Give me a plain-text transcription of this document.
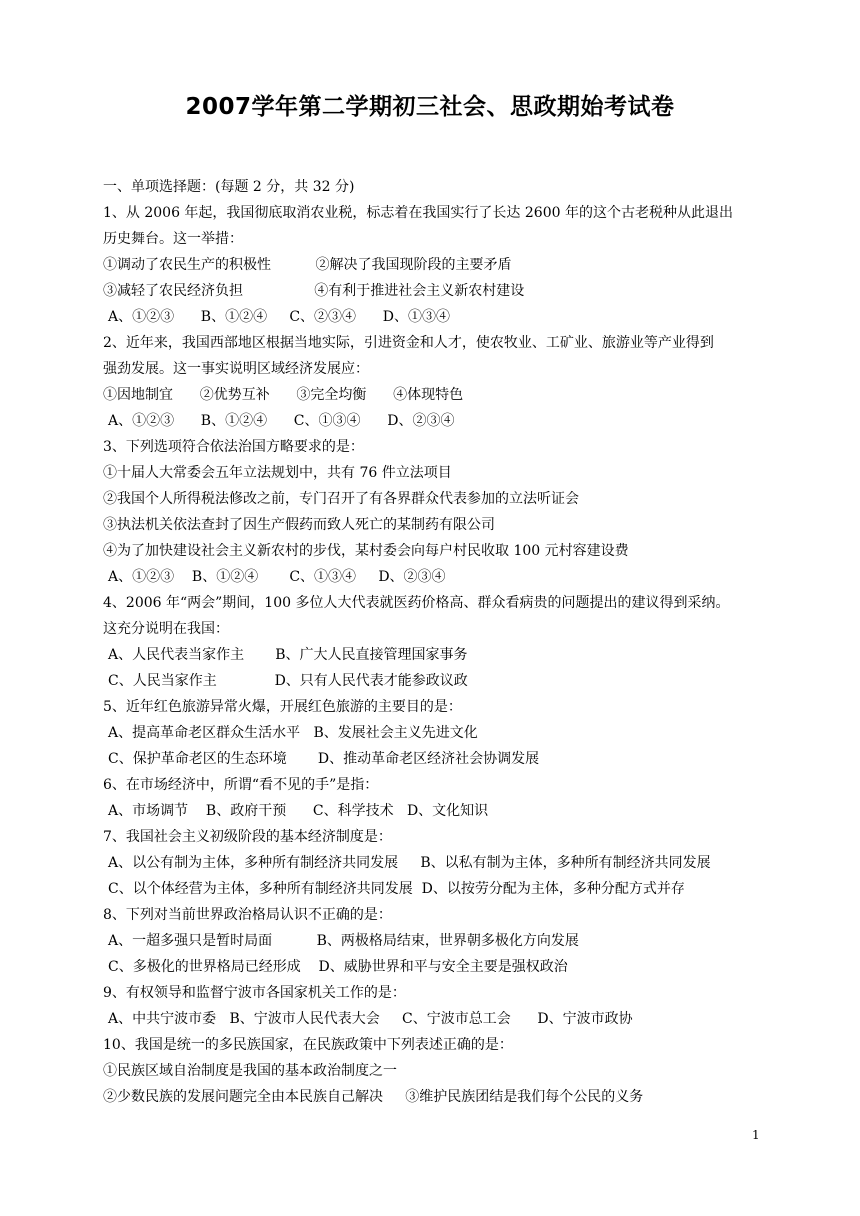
2007学年第二学期初三社会、思政期始考试卷
一、单项选择题：(每题 2 分，共 32 分)
1、从 2006 年起，我国彻底取消农业税，标志着在我国实行了长达 2600 年的这个古老税种从此退出
历史舞台。这一举措：
①调动了农民生产的积极性          ②解决了我国现阶段的主要矛盾
③减轻了农民经济负担                ④有利于推进社会主义新农村建设
A、①②③      B、①②④     C、②③④      D、①③④
2、近年来，我国西部地区根据当地实际，引进资金和人才，使农牧业、工矿业、旅游业等产业得到
强劲发展。这一事实说明区域经济发展应：
①因地制宜      ②优势互补      ③完全均衡      ④体现特色
A、①②③      B、①②④      C、①③④      D、②③④
3、下列选项符合依法治国方略要求的是：
①十届人大常委会五年立法规划中，共有 76 件立法项目
②我国个人所得税法修改之前，专门召开了有各界群众代表参加的立法听证会
③执法机关依法查封了因生产假药而致人死亡的某制药有限公司
④为了加快建设社会主义新农村的步伐，某村委会向每户村民收取 100 元村容建设费
A、①②③    B、①②④       C、①③④     D、②③④
4、2006 年“两会”期间，100 多位人大代表就医药价格高、群众看病贵的问题提出的建议得到采纳。
这充分说明在我国：
A、人民代表当家作主       B、广大人民直接管理国家事务
C、人民当家作主             D、只有人民代表才能参政议政
5、近年红色旅游异常火爆，开展红色旅游的主要目的是：
A、提高革命老区群众生活水平   B、发展社会主义先进文化
C、保护革命老区的生态环境       D、推动革命老区经济社会协调发展
6、在市场经济中，所谓“看不见的手”是指：
A、市场调节    B、政府干预      C、科学技术   D、文化知识
7、我国社会主义初级阶段的基本经济制度是：
A、以公有制为主体，多种所有制经济共同发展     B、以私有制为主体，多种所有制经济共同发展
C、以个体经营为主体，多种所有制经济共同发展  D、以按劳分配为主体，多种分配方式并存
8、下列对当前世界政治格局认识不正确的是：
A、一超多强只是暂时局面          B、两极格局结束，世界朝多极化方向发展
C、多极化的世界格局已经形成    D、威胁世界和平与安全主要是强权政治
9、有权领导和监督宁波市各国家机关工作的是：
A、中共宁波市委   B、宁波市人民代表大会     C、宁波市总工会      D、宁波市政协
10、我国是统一的多民族国家，在民族政策中下列表述正确的是：
①民族区域自治制度是我国的基本政治制度之一
②少数民族的发展问题完全由本民族自己解决     ③维护民族团结是我们每个公民的义务
1
